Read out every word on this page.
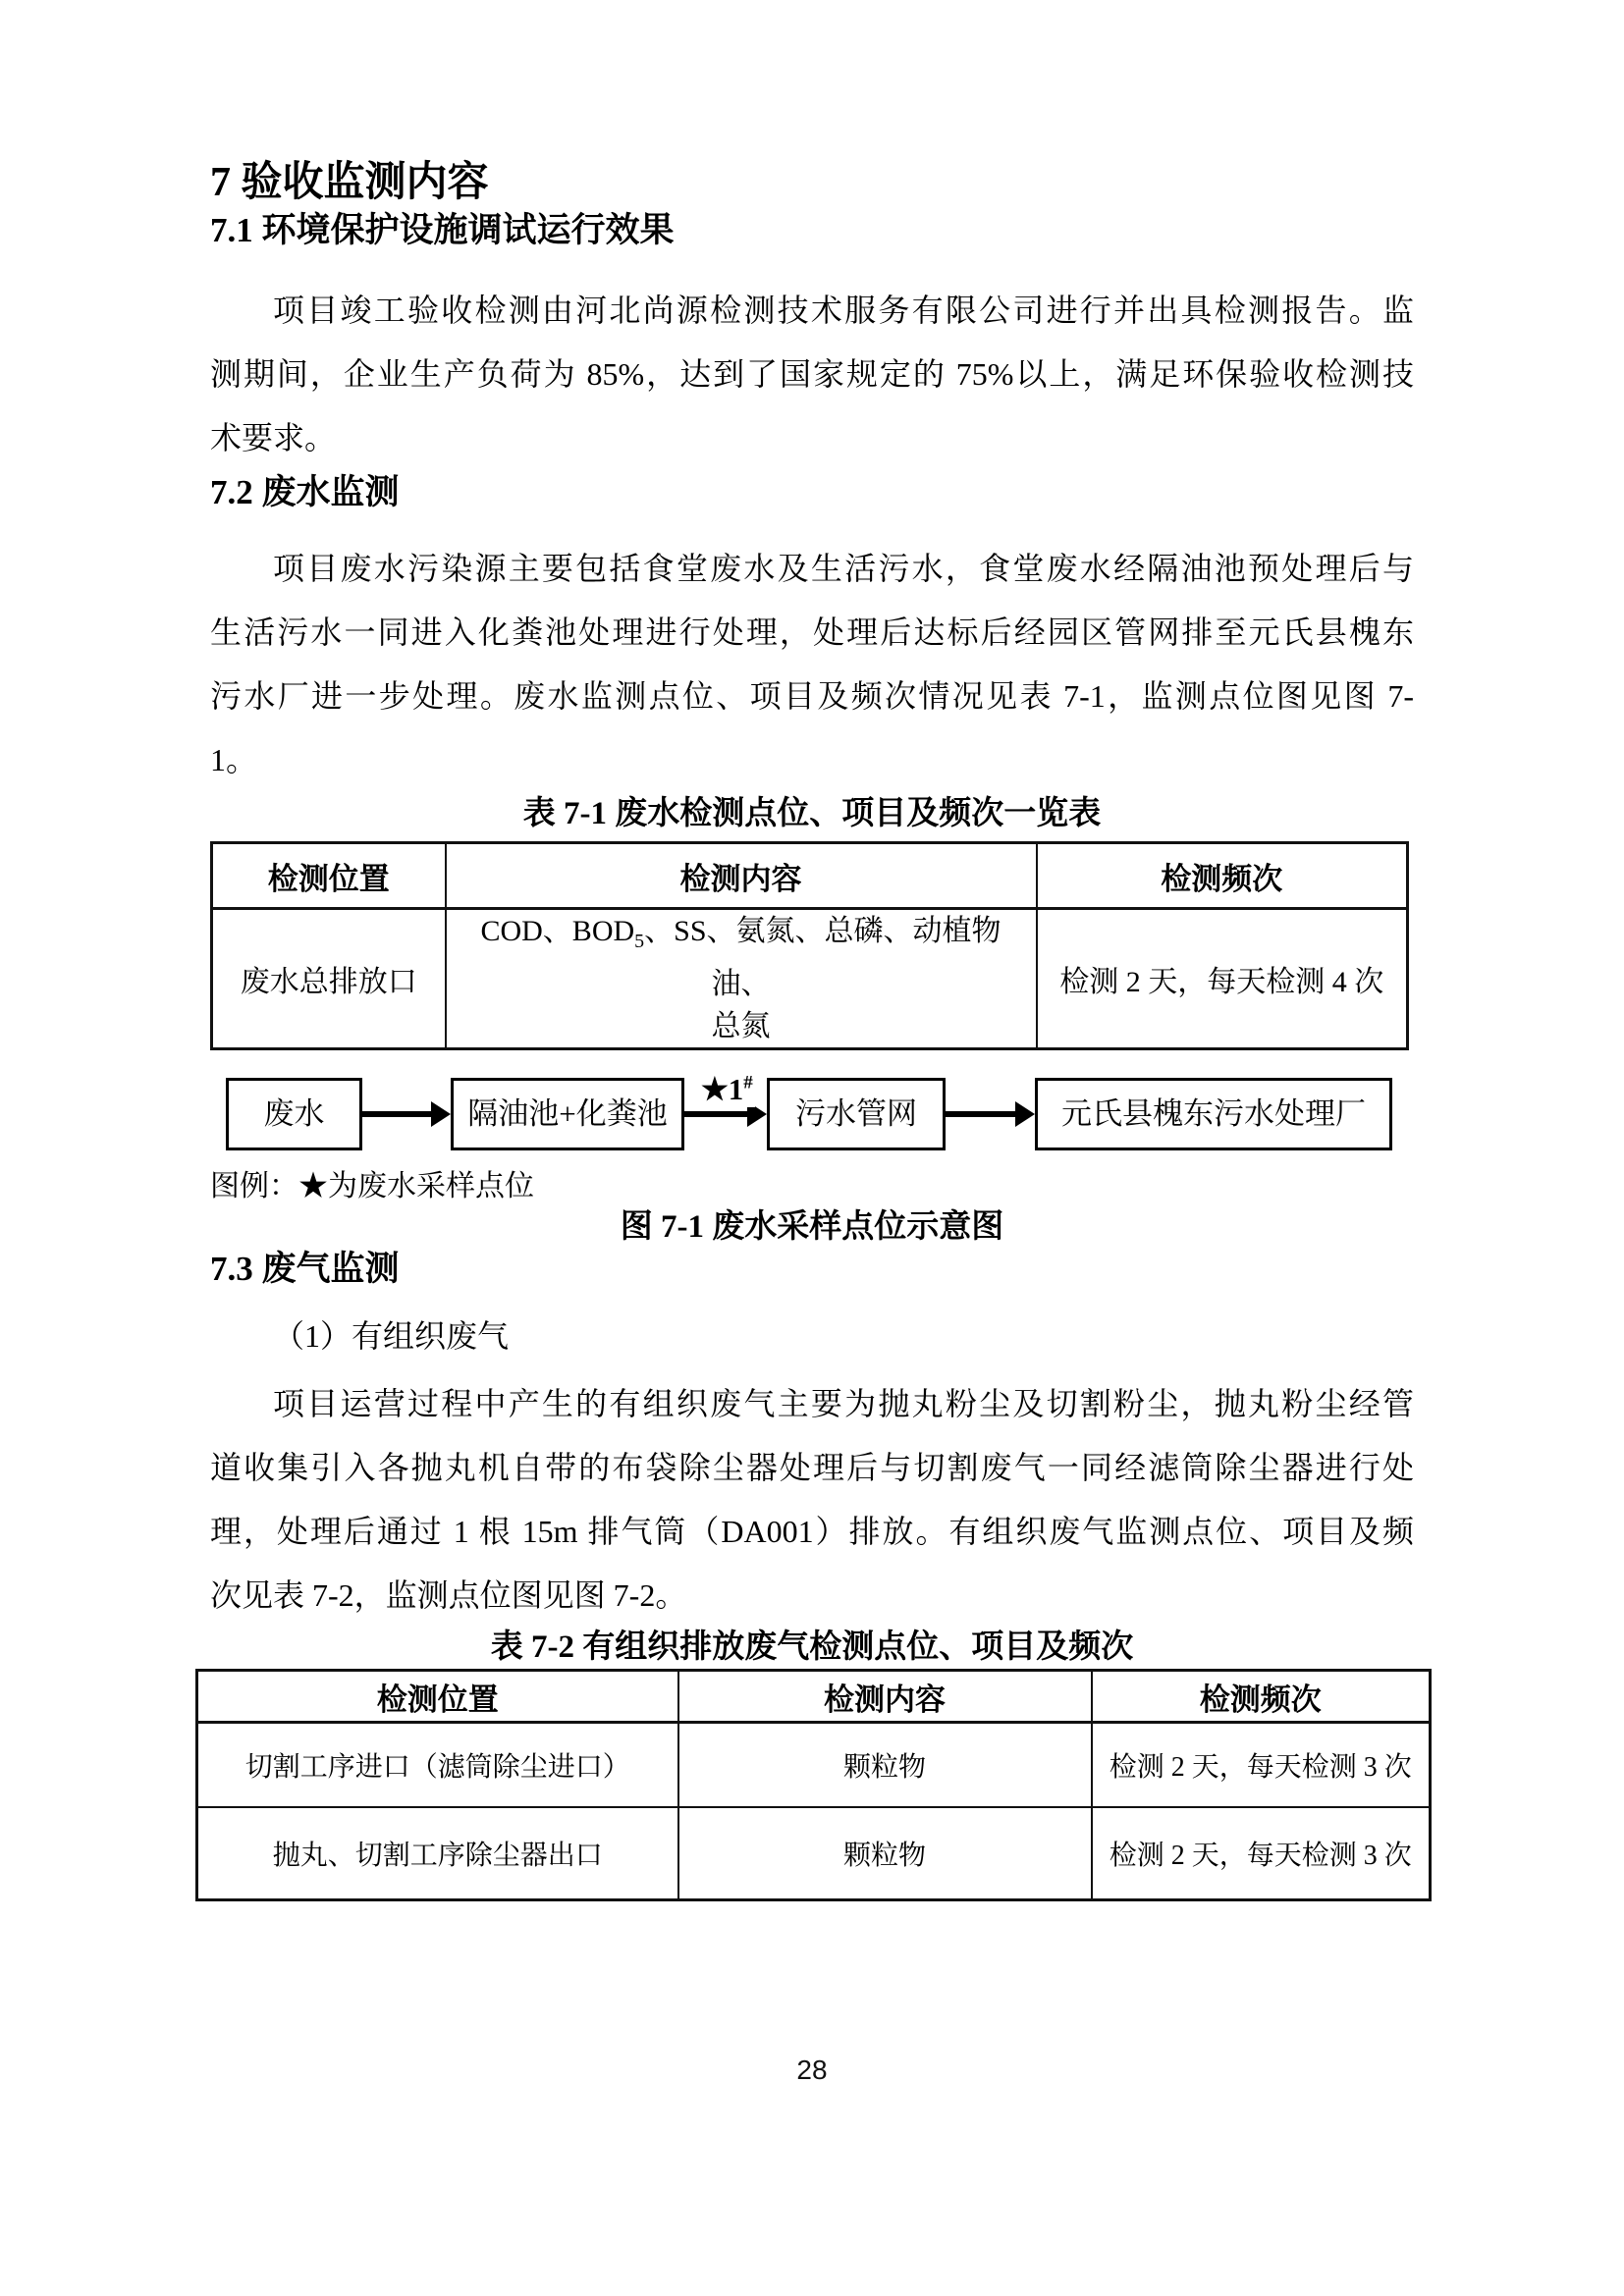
7 验收监测内容
7.1 环境保护设施调试运行效果
项目竣工验收检测由河北尚源检测技术服务有限公司进行并出具检测报告。监
测期间，企业生产负荷为 85%，达到了国家规定的 75%以上，满足环保验收检测技
术要求。
7.2 废水监测
项目废水污染源主要包括食堂废水及生活污水，食堂废水经隔油池预处理后与
生活污水一同进入化粪池处理进行处理，处理后达标后经园区管网排至元氏县槐东
污水厂进一步处理。废水监测点位、项目及频次情况见表 7-1，监测点位图见图 7-
1。
表 7-1 废水检测点位、项目及频次一览表
检测位置	检测内容	检测频次
废水总排放口	COD、$BOD_5$、SS、氨氮、总磷、动植物油、
总氮	检测 2 天，每天检测 4 次
废水	隔油池+化粪池	污水管网	元氏县槐东污水处理厂
★1#
图例：★为废水采样点位
图 7-1 废水采样点位示意图
7.3 废气监测
（1）有组织废气
项目运营过程中产生的有组织废气主要为抛丸粉尘及切割粉尘，抛丸粉尘经管
道收集引入各抛丸机自带的布袋除尘器处理后与切割废气一同经滤筒除尘器进行处
理，处理后通过 1 根 15m 排气筒（DA001）排放。有组织废气监测点位、项目及频
次见表 7-2，监测点位图见图 7-2。
表 7-2 有组织排放废气检测点位、项目及频次
检测位置	检测内容	检测频次
切割工序进口（滤筒除尘进口）	颗粒物	检测 2 天，每天检测 3 次
抛丸、切割工序除尘器出口	颗粒物	检测 2 天，每天检测 3 次
28
